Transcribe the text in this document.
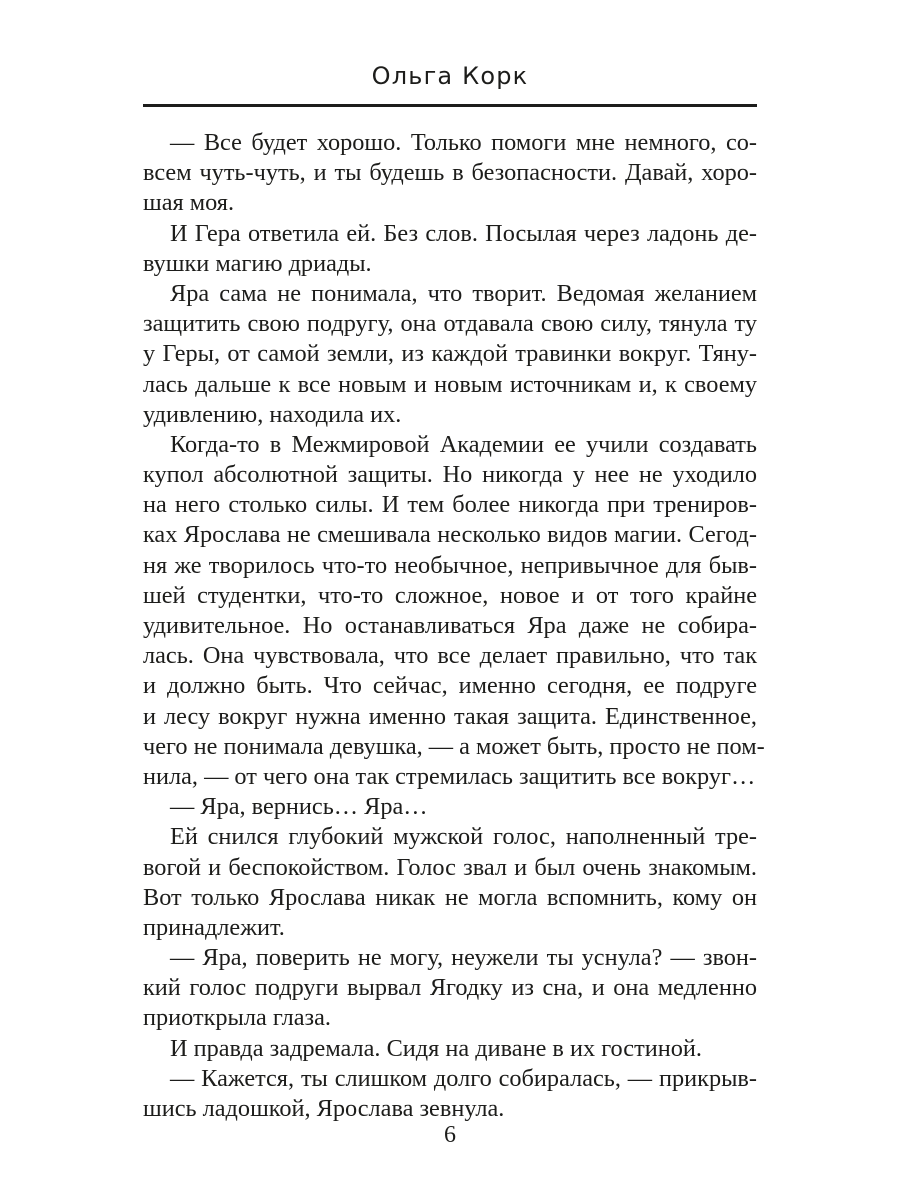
Ольга Корк
— Все будет хорошо. Только помоги мне немного, со-
всем чуть-чуть, и ты будешь в безопасности. Давай, хоро-
шая моя.
И Гера ответила ей. Без слов. Посылая через ладонь де-
вушки магию дриады.
Яра сама не понимала, что творит. Ведомая желанием
защитить свою подругу, она отдавала свою силу, тянула ту
у Геры, от самой земли, из каждой травинки вокруг. Тяну-
лась дальше к все новым и новым источникам и, к своему
удивлению, находила их.
Когда-то в Межмировой Академии ее учили создавать
купол абсолютной защиты. Но никогда у нее не уходило
на него столько силы. И тем более никогда при трениров-
ках Ярослава не смешивала несколько видов магии. Сегод-
ня же творилось что-то необычное, непривычное для быв-
шей студентки, что-то сложное, новое и от того крайне
удивительное. Но останавливаться Яра даже не собира-
лась. Она чувствовала, что все делает правильно, что так
и должно быть. Что сейчас, именно сегодня, ее подруге
и лесу вокруг нужна именно такая защита. Единственное,
чего не понимала девушка, — а может быть, просто не пом-
нила, — от чего она так стремилась защитить все вокруг…
— Яра, вернись… Яра…
Ей снился глубокий мужской голос, наполненный тре-
вогой и беспокойством. Голос звал и был очень знакомым.
Вот только Ярослава никак не могла вспомнить, кому он
принадлежит.
— Яра, поверить не могу, неужели ты уснула? — звон-
кий голос подруги вырвал Ягодку из сна, и она медленно
приоткрыла глаза.
И правда задремала. Сидя на диване в их гостиной.
— Кажется, ты слишком долго собиралась, — прикрыв-
шись ладошкой, Ярослава зевнула.
6
